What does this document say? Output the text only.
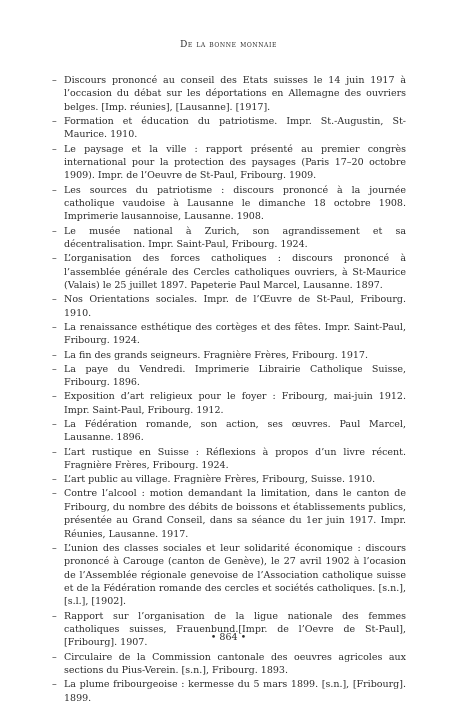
De la bonne monnaie
– Discours prononcé au conseil des Etats suisses le 14 juin 1917 à l’occasion du débat sur les déportations en Allemagne des ouvriers belges. [Imp. réunies], [Lausanne]. [1917].
– Formation et éducation du patriotisme. Impr. St.-Augustin, St-Maurice. 1910.
– Le paysage et la ville : rapport présenté au premier congrès international pour la protection des paysages (Paris 17–20 octobre 1909). Impr. de l’Oeuvre de St-Paul, Fribourg. 1909.
– Les sources du patriotisme : discours prononcé à la journée catholique vaudoise à Lausanne le dimanche 18 octobre 1908. Imprimerie lausannoise, Lausanne. 1908.
– Le musée national à Zurich, son agrandissement et sa décentralisation. Impr. Saint-Paul, Fribourg. 1924.
– L’organisation des forces catholiques : discours prononcé à l’assemblée générale des Cercles catholiques ouvriers, à St-Maurice (Valais) le 25 juillet 1897. Papeterie Paul Marcel, Lausanne. 1897.
– Nos Orientations sociales. Impr. de l’Œuvre de St-Paul, Fribourg. 1910.
– La renaissance esthétique des cortèges et des fêtes. Impr. Saint-Paul, Fribourg. 1924.
– La fin des grands seigneurs. Fragnière Frères, Fribourg. 1917.
– La paye du Vendredi. Imprimerie Librairie Catholique Suisse, Fribourg. 1896.
– Exposition d’art religieux pour le foyer : Fribourg, mai-juin 1912. Impr. Saint-Paul, Fribourg. 1912.
– La Fédération romande, son action, ses œuvres. Paul Marcel, Lausanne. 1896.
– L’art rustique en Suisse : Réflexions à propos d’un livre récent. Fragnière Frères, Fribourg. 1924.
– L’art public au village. Fragnière Frères, Fribourg, Suisse. 1910.
– Contre l’alcool : motion demandant la limitation, dans le canton de Fribourg, du nombre des débits de boissons et établissements publics, présentée au Grand Conseil, dans sa séance du 1er juin 1917. Impr. Réunies, Lausanne. 1917.
– L’union des classes sociales et leur solidarité économique : discours prononcé à Carouge (canton de Genève), le 27 avril 1902 à l’ocasion de l’Assemblée régionale genevoise de l’Association catholique suisse et de la Fédération romande des cercles et sociétés catholiques. [s.n.], [s.l.], [1902].
– Rapport sur l’organisation de la ligue nationale des femmes catholiques suisses, Frauenbund.[Impr. de l’Oevre de St-Paul], [Fribourg]. 1907.
– Circulaire de la Commission cantonale des oeuvres agricoles aux sections du Pius-Verein. [s.n.], Fribourg. 1893.
– La plume fribourgeoise : kermesse du 5 mars 1899. [s.n.], [Fribourg]. 1899.
• 864 •
